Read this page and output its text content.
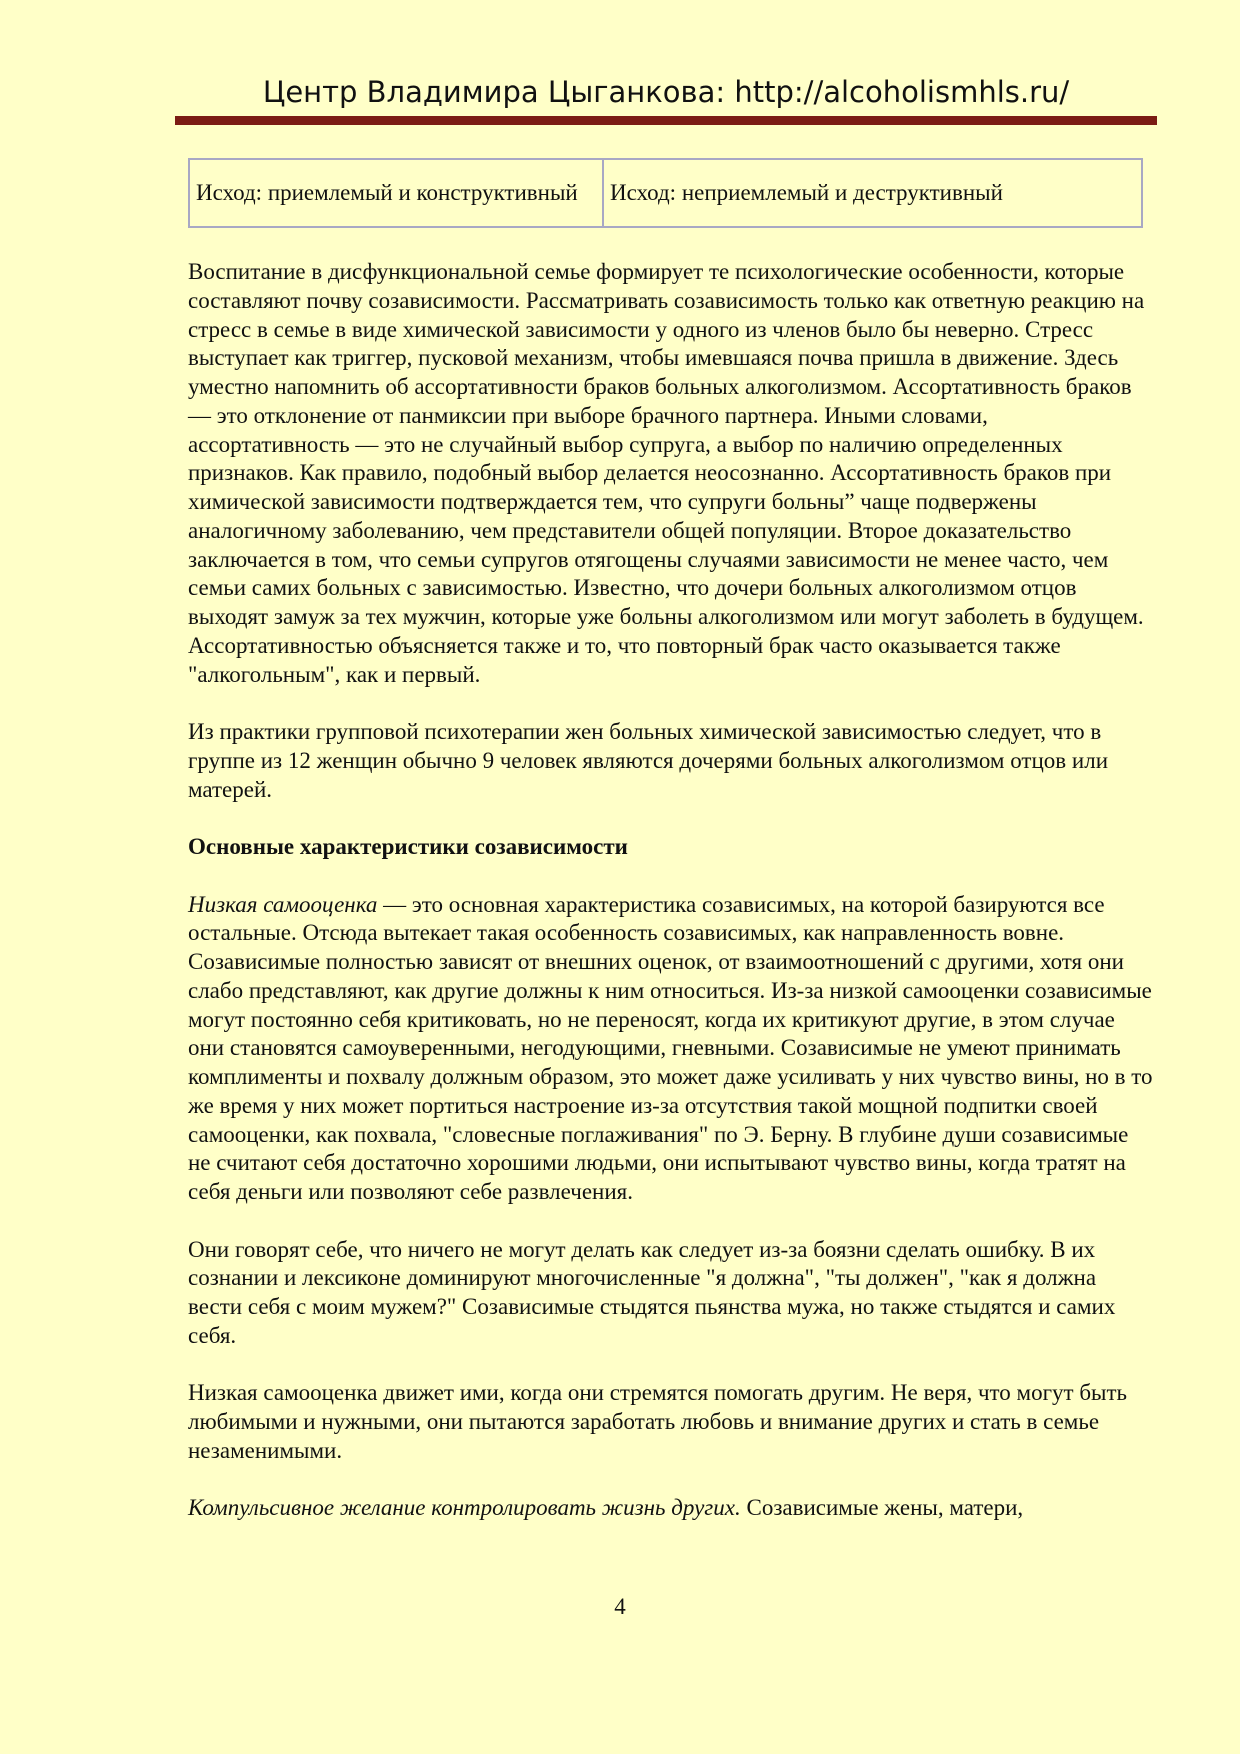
Центр Владимира Цыганкова: http://alcoholismhls.ru/
Исход: приемлемый и конструктивный	Исход: неприемлемый и деструктивный

Воспитание в дисфункциональной семье формирует те психологические особенности, которые составляют почву созависимости. Рассматривать созависимость только как ответную реакцию на стресс в семье в виде химической зависимости у одного из членов было бы неверно. Стресс выступает как триггер, пусковой механизм, чтобы имевшаяся почва пришла в движение. Здесь уместно напомнить об ассортативности браков больных алкоголизмом. Ассортативность браков — это отклонение от панмиксии при выборе брачного партнера. Иными словами, ассортативность — это не случайный выбор супруга, а выбор по наличию определенных признаков. Как правило, подобный выбор делается неосознанно. Ассортативность браков при химической зависимости подтверждается тем, что супруги больны” чаще подвержены аналогичному заболеванию, чем представители общей популяции. Второе доказательство заключается в том, что семьи супругов отягощены случаями зависимости не менее часто, чем семьи самих больных с зависимостью. Известно, что дочери больных алкоголизмом отцов выходят замуж за тех мужчин, которые уже больны алкоголизмом или могут заболеть в будущем. Ассортативностью объясняется также и то, что повторный брак часто оказывается также "алкогольным", как и первый.

Из практики групповой психотерапии жен больных химической зависимостью следует, что в группе из 12 женщин обычно 9 человек являются дочерями больных алкоголизмом отцов или матерей.

Основные характеристики созависимости

Низкая самооценка — это основная характеристика созависимых, на которой базируются все остальные. Отсюда вытекает такая особенность созависимых, как направленность вовне. Созависимые полностью зависят от внешних оценок, от взаимоотношений с другими, хотя они слабо представляют, как другие должны к ним относиться. Из-за низкой самооценки созависимые могут постоянно себя критиковать, но не переносят, когда их критикуют другие, в этом случае они становятся самоуверенными, негодующими, гневными. Созависимые не умеют принимать комплименты и похвалу должным образом, это может даже усиливать у них чувство вины, но в то же время у них может портиться настроение из-за отсутствия такой мощной подпитки своей самооценки, как похвала, "словесные поглаживания" по Э. Берну. В глубине души созависимые не считают себя достаточно хорошими людьми, они испытывают чувство вины, когда тратят на себя деньги или позволяют себе развлечения.

Они говорят себе, что ничего не могут делать как следует из-за боязни сделать ошибку. В их сознании и лексиконе доминируют многочисленные "я должна", "ты должен", "как я должна вести себя с моим мужем?" Созависимые стыдятся пьянства мужа, но также стыдятся и самих себя.

Низкая самооценка движет ими, когда они стремятся помогать другим. Не веря, что могут быть любимыми и нужными, они пытаются заработать любовь и внимание других и стать в семье незаменимыми.

Компульсивное желание контролировать жизнь других. Созависимые жены, матери,

4
